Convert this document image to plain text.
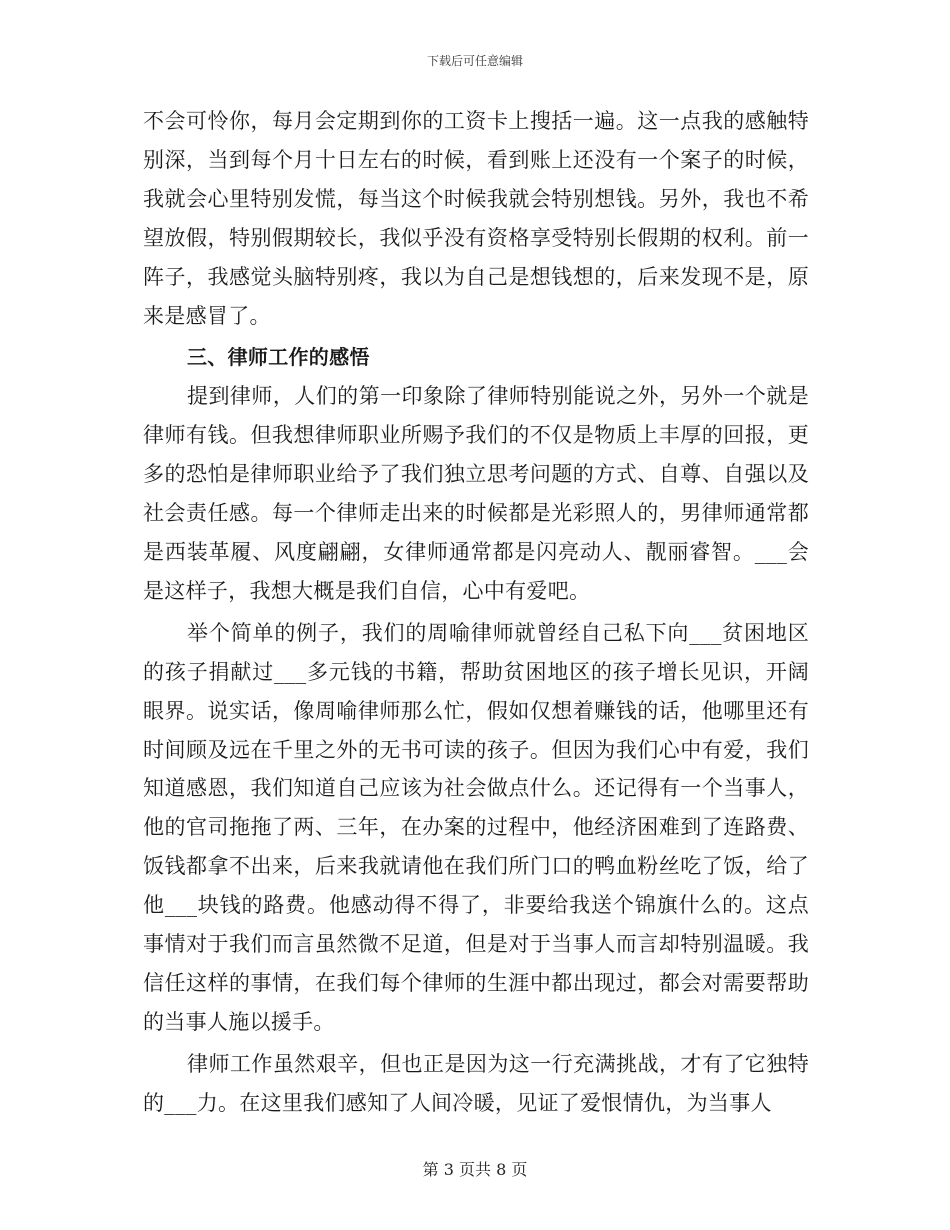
下载后可任意编辑

不会可怜你，每月会定期到你的工资卡上搜括一遍。这一点我的感触特别深，当到每个月十日左右的时候，看到账上还没有一个案子的时候，我就会心里特别发慌，每当这个时候我就会特别想钱。另外，我也不希望放假，特别假期较长，我似乎没有资格享受特别长假期的权利。前一阵子，我感觉头脑特别疼，我以为自己是想钱想的，后来发现不是，原来是感冒了。

三、律师工作的感悟

提到律师，人们的第一印象除了律师特别能说之外，另外一个就是律师有钱。但我想律师职业所赐予我们的不仅是物质上丰厚的回报，更多的恐怕是律师职业给予了我们独立思考问题的方式、自尊、自强以及社会责任感。每一个律师走出来的时候都是光彩照人的，男律师通常都是西装革履、风度翩翩，女律师通常都是闪亮动人、靓丽睿智。___会是这样子，我想大概是我们自信，心中有爱吧。

举个简单的例子，我们的周喻律师就曾经自己私下向___贫困地区的孩子捐献过___多元钱的书籍，帮助贫困地区的孩子增长见识，开阔眼界。说实话，像周喻律师那么忙，假如仅想着赚钱的话，他哪里还有时间顾及远在千里之外的无书可读的孩子。但因为我们心中有爱，我们知道感恩，我们知道自己应该为社会做点什么。还记得有一个当事人，他的官司拖拖了两、三年，在办案的过程中，他经济困难到了连路费、饭钱都拿不出来，后来我就请他在我们所门口的鸭血粉丝吃了饭，给了他___块钱的路费。他感动得不得了，非要给我送个锦旗什么的。这点事情对于我们而言虽然微不足道，但是对于当事人而言却特别温暖。我信任这样的事情，在我们每个律师的生涯中都出现过，都会对需要帮助的当事人施以援手。

律师工作虽然艰辛，但也正是因为这一行充满挑战，才有了它独特的___力。在这里我们感知了人间冷暖，见证了爱恨情仇，为当事人

第 3 页共 8 页
